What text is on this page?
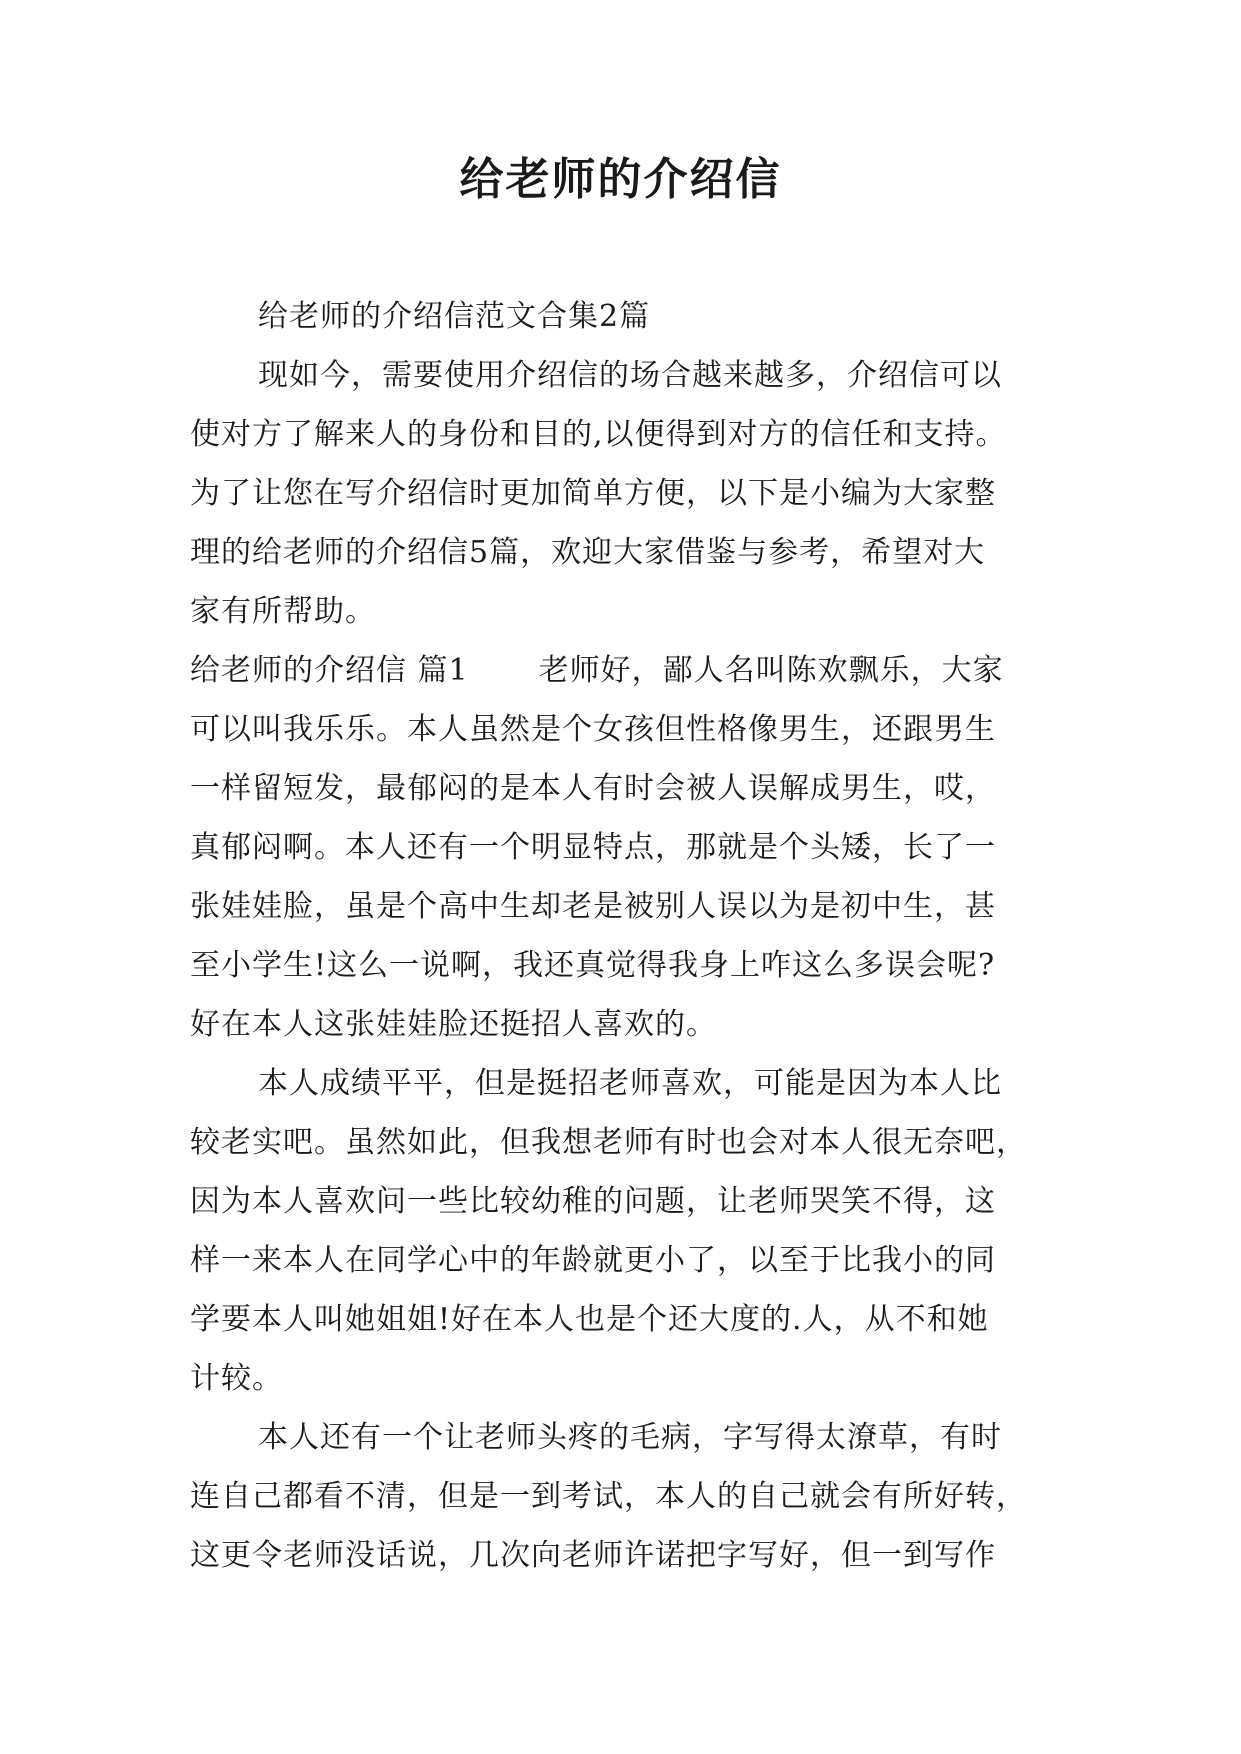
给老师的介绍信
给老师的介绍信范文合集2篇
现如今，需要使用介绍信的场合越来越多，介绍信可以
使对方了解来人的身份和目的,以便得到对方的信任和支持。
为了让您在写介绍信时更加简单方便，以下是小编为大家整
理的给老师的介绍信5篇，欢迎大家借鉴与参考，希望对大
家有所帮助。
给老师的介绍信 篇1 老师好，鄙人名叫陈欢飘乐，大家
可以叫我乐乐。本人虽然是个女孩但性格像男生，还跟男生
一样留短发，最郁闷的是本人有时会被人误解成男生，哎，
真郁闷啊。本人还有一个明显特点，那就是个头矮，长了一
张娃娃脸，虽是个高中生却老是被别人误以为是初中生，甚
至小学生!这么一说啊，我还真觉得我身上咋这么多误会呢?
好在本人这张娃娃脸还挺招人喜欢的。
本人成绩平平，但是挺招老师喜欢，可能是因为本人比
较老实吧。虽然如此，但我想老师有时也会对本人很无奈吧，
因为本人喜欢问一些比较幼稚的问题，让老师哭笑不得，这
样一来本人在同学心中的年龄就更小了，以至于比我小的同
学要本人叫她姐姐!好在本人也是个还大度的.人，从不和她
计较。
本人还有一个让老师头疼的毛病，字写得太潦草，有时
连自己都看不清，但是一到考试，本人的自己就会有所好转，
这更令老师没话说，几次向老师许诺把字写好，但一到写作
